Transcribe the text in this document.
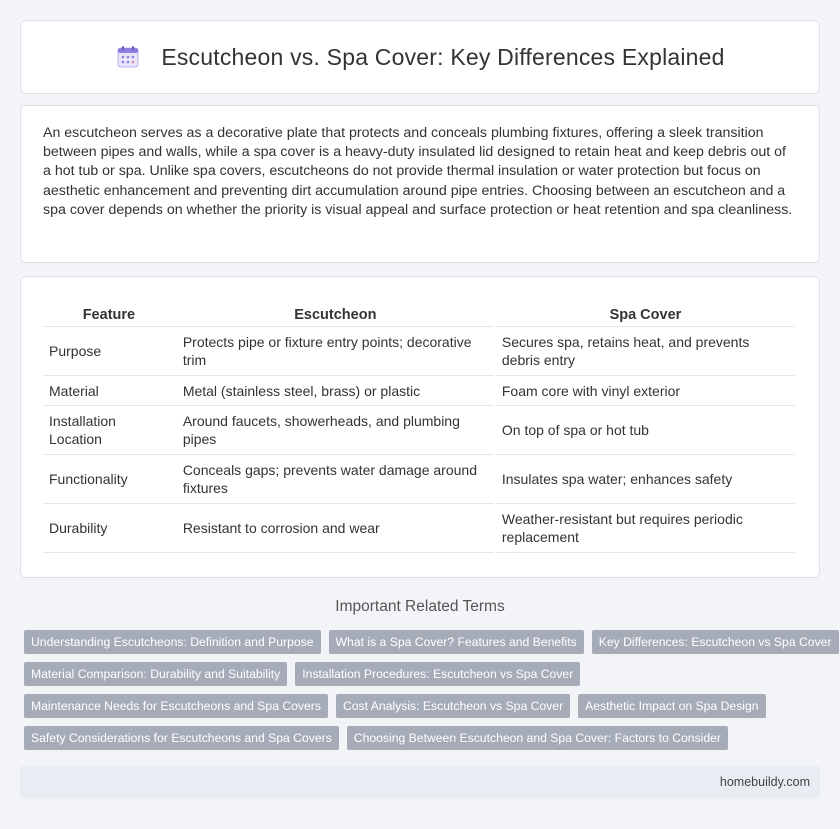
Escutcheon vs. Spa Cover: Key Differences Explained

An escutcheon serves as a decorative plate that protects and conceals plumbing fixtures, offering a sleek transition between pipes and walls, while a spa cover is a heavy-duty insulated lid designed to retain heat and keep debris out of a hot tub or spa. Unlike spa covers, escutcheons do not provide thermal insulation or water protection but focus on aesthetic enhancement and preventing dirt accumulation around pipe entries. Choosing between an escutcheon and a spa cover depends on whether the priority is visual appeal and surface protection or heat retention and spa cleanliness.

Feature	Escutcheon	Spa Cover
Purpose	Protects pipe or fixture entry points; decorative trim	Secures spa, retains heat, and prevents debris entry
Material	Metal (stainless steel, brass) or plastic	Foam core with vinyl exterior
Installation Location	Around faucets, showerheads, and plumbing pipes	On top of spa or hot tub
Functionality	Conceals gaps; prevents water damage around fixtures	Insulates spa water; enhances safety
Durability	Resistant to corrosion and wear	Weather-resistant but requires periodic replacement
Important Related Terms
Understanding Escutcheons: Definition and Purpose	What is a Spa Cover? Features and Benefits	Key Differences: Escutcheon vs Spa Cover
Material Comparison: Durability and Suitability	Installation Procedures: Escutcheon vs Spa Cover
Maintenance Needs for Escutcheons and Spa Covers	Cost Analysis: Escutcheon vs Spa Cover	Aesthetic Impact on Spa Design
Safety Considerations for Escutcheons and Spa Covers	Choosing Between Escutcheon and Spa Cover: Factors to Consider
homebuildy.com
